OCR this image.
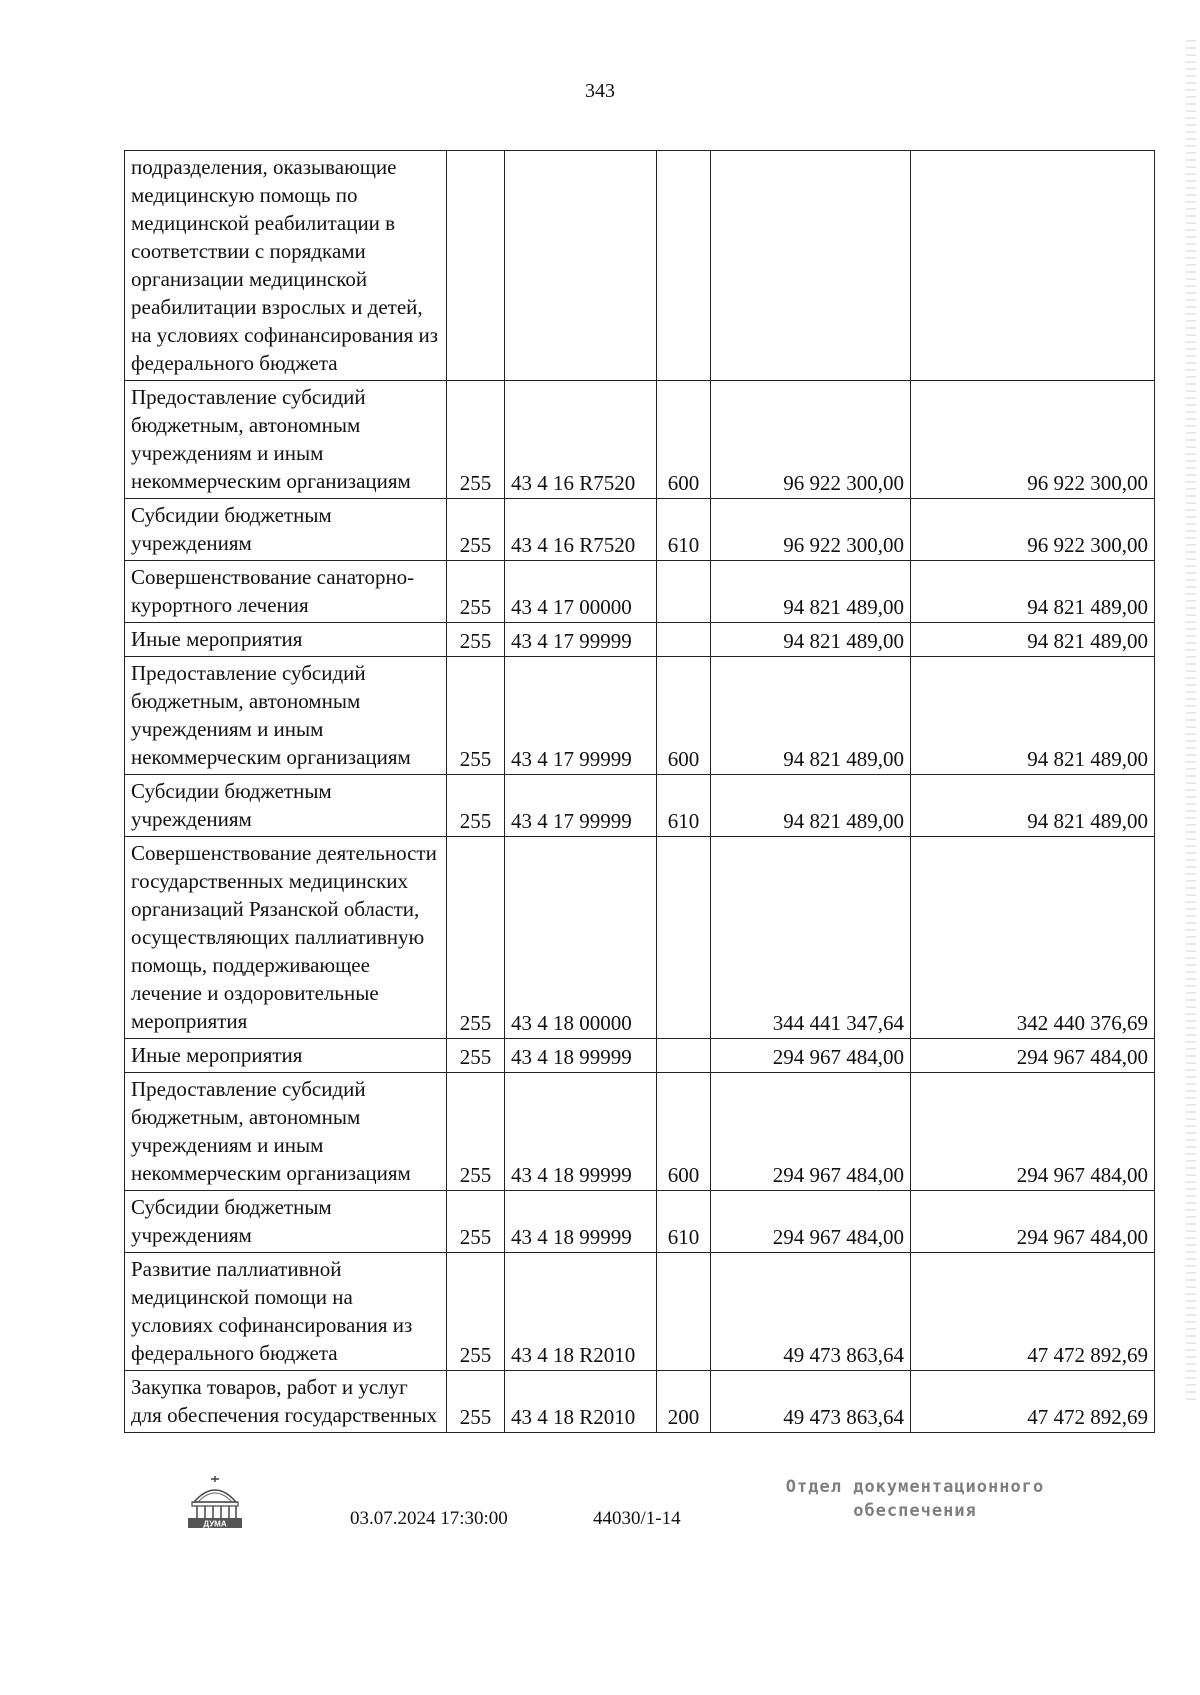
343
подразделения, оказывающие медицинскую помощь по медицинской реабилитации в соответствии с порядками организации медицинской реабилитации взрослых и детей, на условиях софинансирования из федерального бюджета					
Предоставление субсидий бюджетным, автономным учреждениям и иным некоммерческим организациям	255	43 4 16 R7520	600	96 922 300,00	96 922 300,00
Субсидии бюджетным учреждениям	255	43 4 16 R7520	610	96 922 300,00	96 922 300,00
Совершенствование санаторно-курортного лечения	255	43 4 17 00000		94 821 489,00	94 821 489,00
Иные мероприятия	255	43 4 17 99999		94 821 489,00	94 821 489,00
Предоставление субсидий бюджетным, автономным учреждениям и иным некоммерческим организациям	255	43 4 17 99999	600	94 821 489,00	94 821 489,00
Субсидии бюджетным учреждениям	255	43 4 17 99999	610	94 821 489,00	94 821 489,00
Совершенствование деятельности государственных медицинских организаций Рязанской области, осуществляющих паллиативную помощь, поддерживающее лечение и оздоровительные мероприятия	255	43 4 18 00000		344 441 347,64	342 440 376,69
Иные мероприятия	255	43 4 18 99999		294 967 484,00	294 967 484,00
Предоставление субсидий бюджетным, автономным учреждениям и иным некоммерческим организациям	255	43 4 18 99999	600	294 967 484,00	294 967 484,00
Субсидии бюджетным учреждениям	255	43 4 18 99999	610	294 967 484,00	294 967 484,00
Развитие паллиативной медицинской помощи на условиях софинансирования из федерального бюджета	255	43 4 18 R2010		49 473 863,64	47 472 892,69
Закупка товаров, работ и услуг для обеспечения государственных	255	43 4 18 R2010	200	49 473 863,64	47 472 892,69
ДУМА	03.07.2024 17:30:00	44030/1-14
Отдел документационного
обеспечения
